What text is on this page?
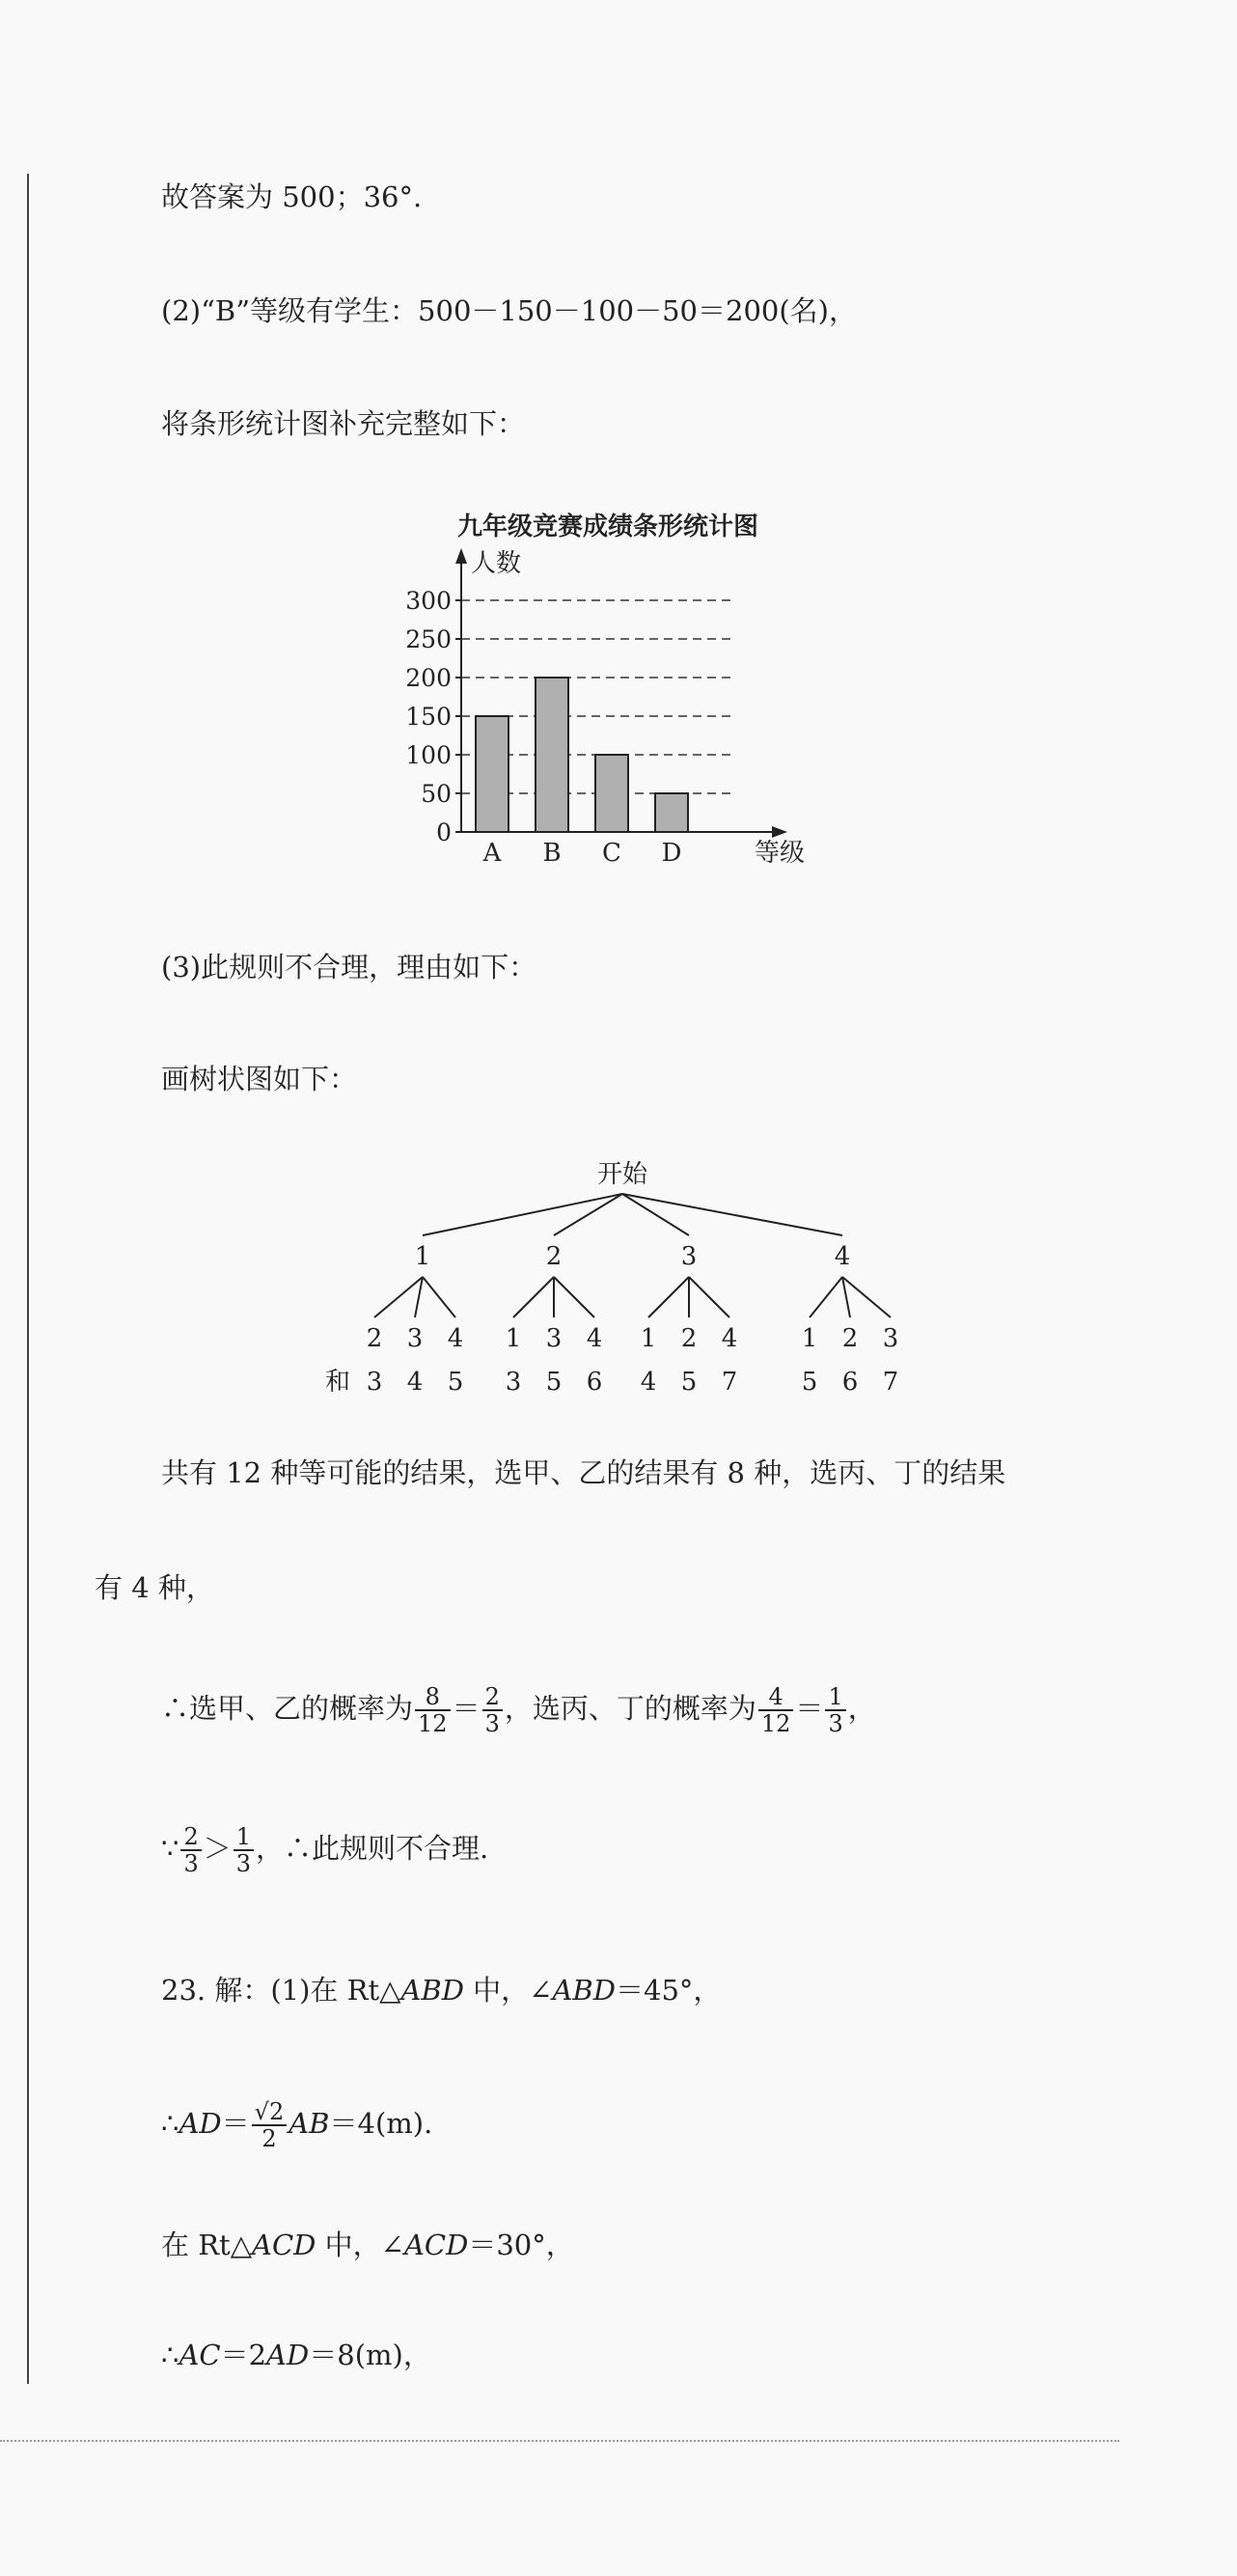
故答案为 500；36°.
(2)“B”等级有学生：500－150－100－50＝200(名)，
将条形统计图补充完整如下：
九年级竞赛成绩条形统计图
0
50
100
150
200
250
300
A B C D
人数
等级
(3)此规则不合理，理由如下：
画树状图如下：
开始
1
2
3
3
4
4
5
2
1
3
3
5
4
6
3
1
4
2
5
4
7
4
1
5
2
6
3
7
和
共有 12 种等可能的结果，选甲、乙的结果有 8 种，选丙、丁的结果
有 4 种，
∴选甲、乙的概率为 $\frac{8}{12} = \frac{2}{3}$ ，选丙、丁的概率为 $\frac{4}{12} = \frac{1}{3}$ ，
∵ $\frac{2}{3} > \frac{1}{3}$ ，∴此规则不合理.
23. 解：(1)在 Rt△ABD 中，∠ABD＝45°，
∴AD＝ $\frac{√2}{2} AB=4(m)$.
在 Rt△ACD 中，∠ACD＝30°，
∴AC＝2AD＝8(m)，
